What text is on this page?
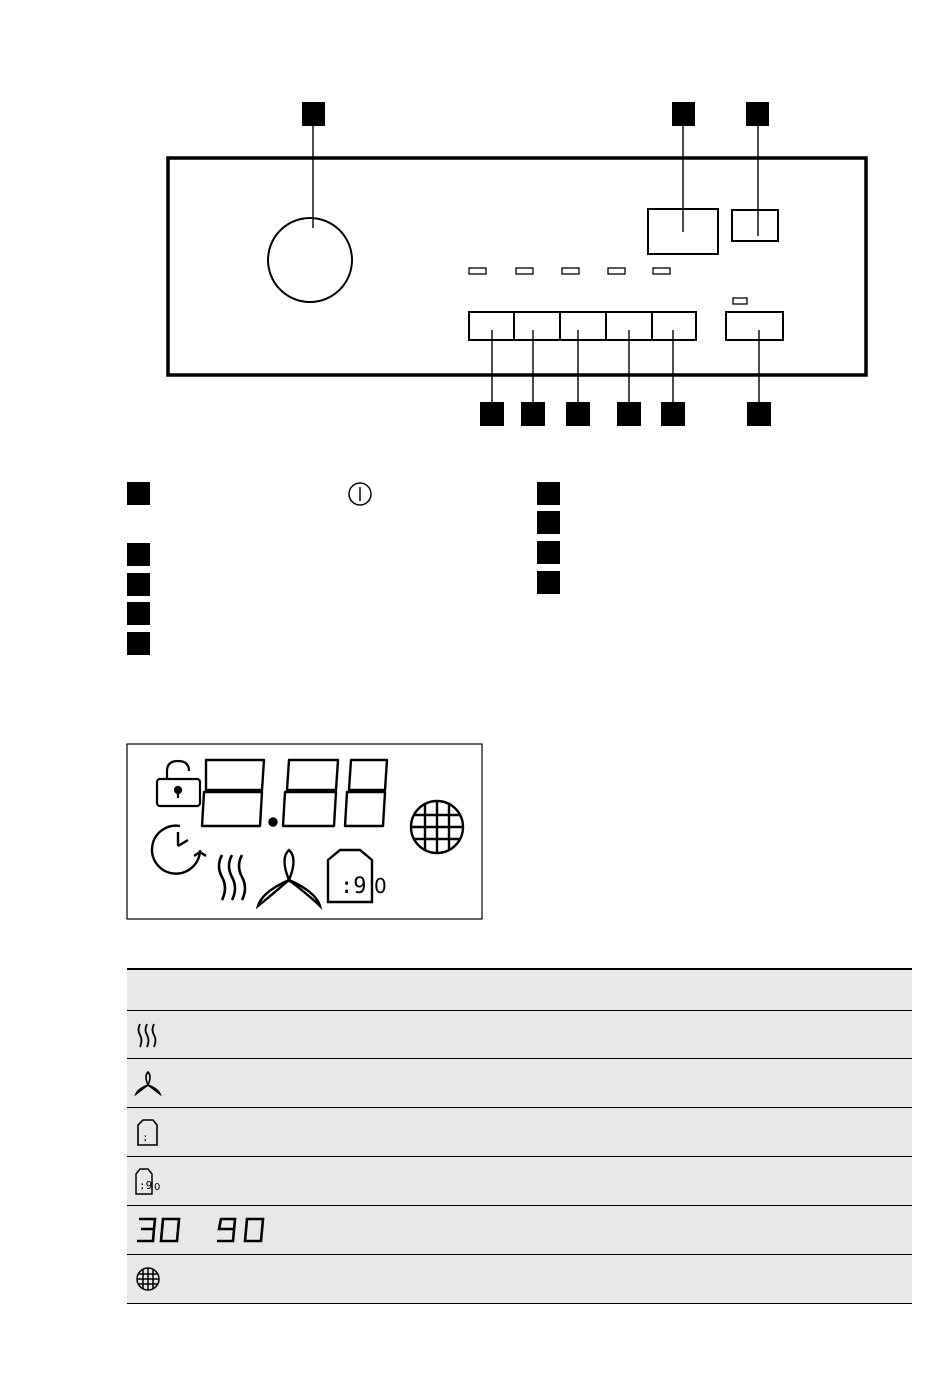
:9 0
:
:9 0
